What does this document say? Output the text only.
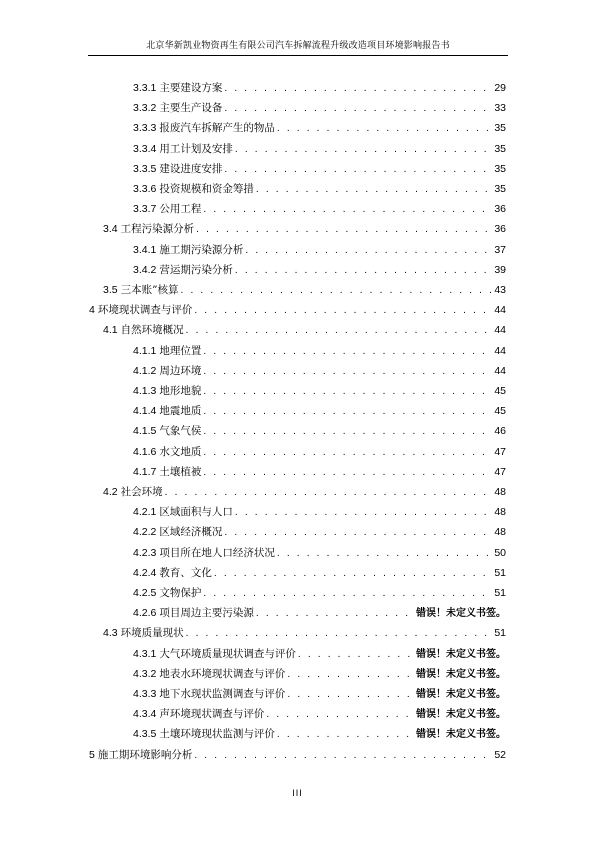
北京华新凯业物资再生有限公司汽车拆解流程升级改造项目环境影响报告书
3.3.1 主要建设方案 . . .	29
3.3.2 主要生产设备 . . .	33
3.3.3 报废汽车拆解产生的物品 . . .	35
3.3.4 用工计划及安排 . . .	35
3.3.5 建设进度安排 . . .	35
3.3.6 投资规模和资金筹措 . . .	35
3.3.7 公用工程 . . .	36
3.4 工程污染源分析 . . .	36
3.4.1 施工期污染源分析 . . .	37
3.4.2 营运期污染分析 . . .	39
3.5 三本账”核算 . . .	43
4 环境现状调查与评价 . . .	44
4.1 自然环境概况 . . .	44
4.1.1 地理位置 . . .	44
4.1.2 周边环境 . . .	44
4.1.3 地形地貌 . . .	45
4.1.4 地震地质 . . .	45
4.1.5 气象气侯 . . .	46
4.1.6 水文地质 . . .	47
4.1.7 土壤植被 . . .	47
4.2 社会环境 . . .	48
4.2.1 区域面积与人口 . . .	48
4.2.2 区域经济概况 . . .	48
4.2.3 项目所在地人口经济状况 . . .	50
4.2.4 教育、文化 . . .	51
4.2.5 文物保护 . . .	51
4.2.6 项目周边主要污染源 . . .	错误！未定义书签。
4.3 环境质量现状 . . .	51
4.3.1 大气环境质量现状调查与评价 . . .	错误！未定义书签。
4.3.2 地表水环境现状调查与评价 . . .	错误！未定义书签。
4.3.3 地下水现状监测调查与评价 . . .	错误！未定义书签。
4.3.4 声环境现状调查与评价 . . .	错误！未定义书签。
4.3.5 土壤环境现状监测与评价 . . .	错误！未定义书签。
5 施工期环境影响分析 . . .	52
III
